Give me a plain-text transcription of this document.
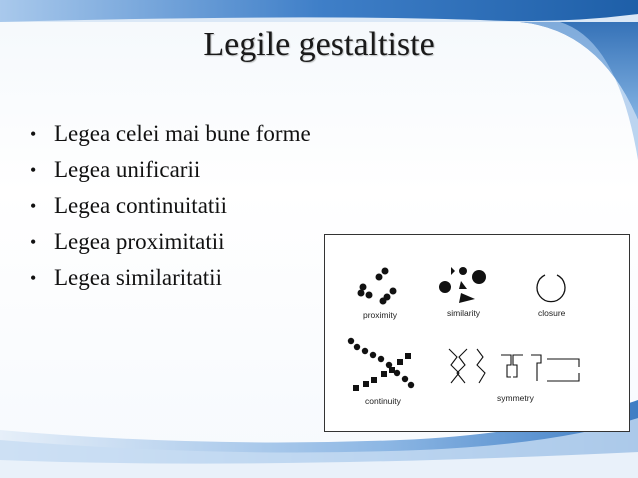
Legile gestaltiste
• Legea celei mai bune forme
• Legea unificarii
• Legea continuitatii
• Legea proximitatii
• Legea similaritatii
proximity	similarity	closure
continuity	symmetry
